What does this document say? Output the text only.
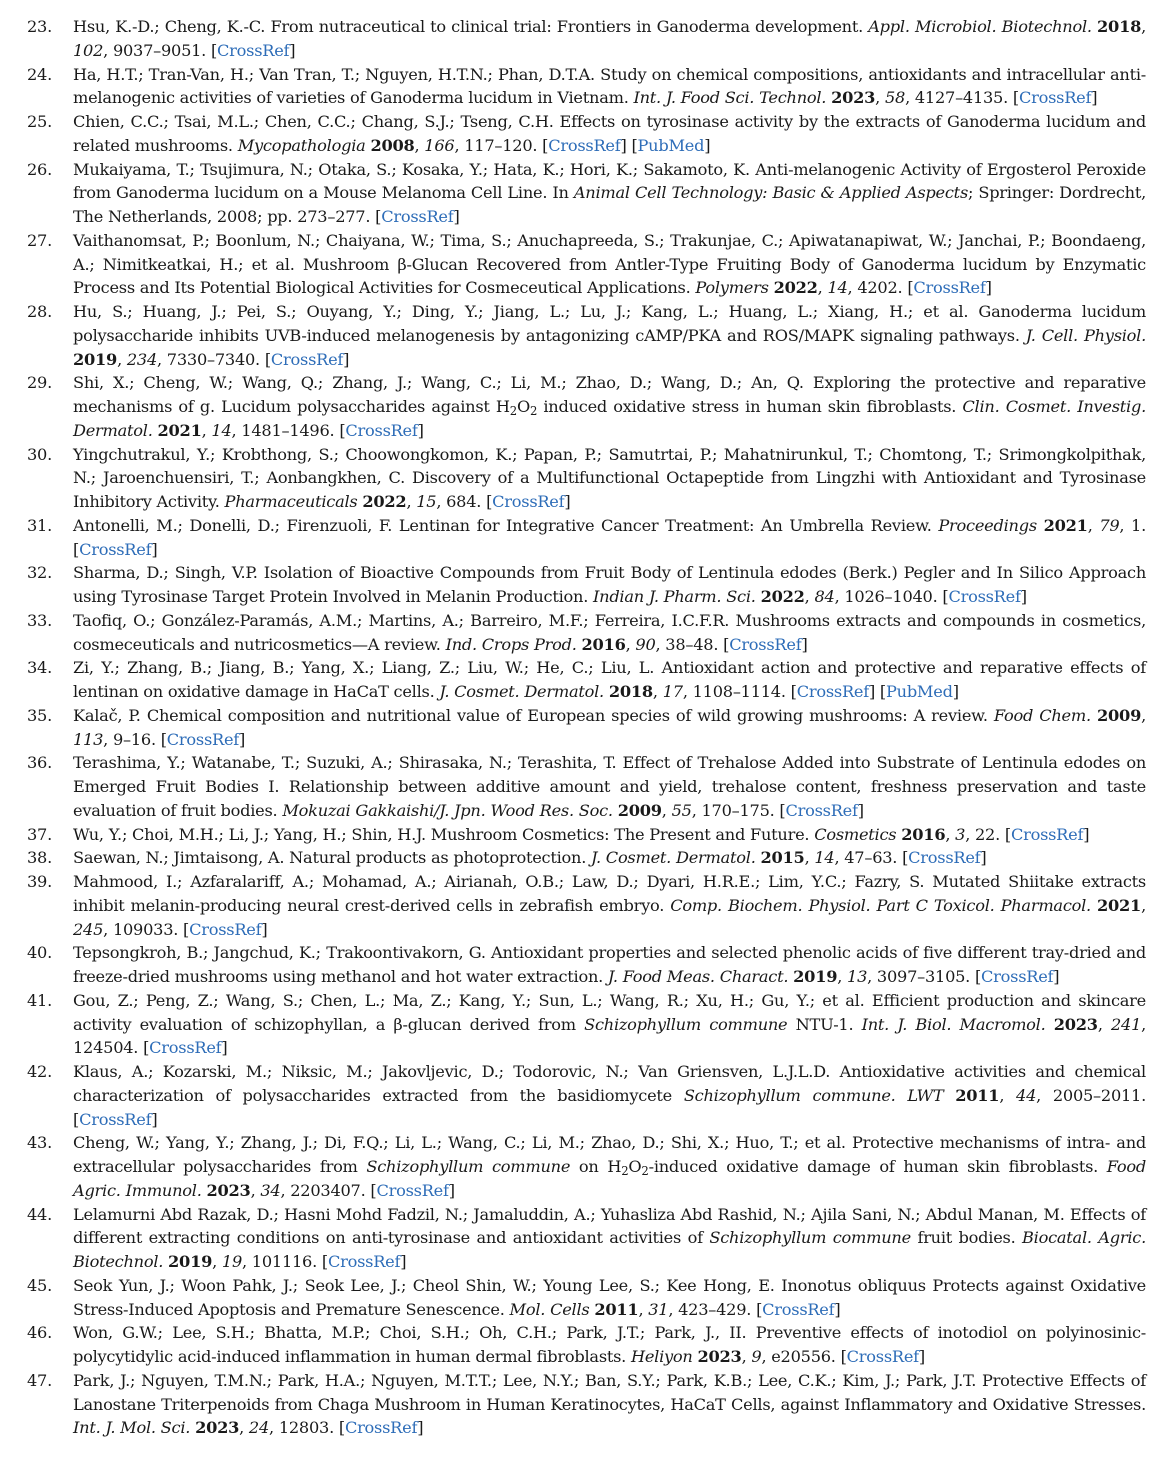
23. Hsu, K.-D.; Cheng, K.-C. From nutraceutical to clinical trial: Frontiers in Ganoderma development. Appl. Microbiol. Biotechnol. 2018, 102, 9037–9051. [CrossRef]
24. Ha, H.T.; Tran-Van, H.; Van Tran, T.; Nguyen, H.T.N.; Phan, D.T.A. Study on chemical compositions, antioxidants and intracellular anti-melanogenic activities of varieties of Ganoderma lucidum in Vietnam. Int. J. Food Sci. Technol. 2023, 58, 4127–4135. [CrossRef]
25. Chien, C.C.; Tsai, M.L.; Chen, C.C.; Chang, S.J.; Tseng, C.H. Effects on tyrosinase activity by the extracts of Ganoderma lucidum and related mushrooms. Mycopathologia 2008, 166, 117–120. [CrossRef] [PubMed]
26. Mukaiyama, T.; Tsujimura, N.; Otaka, S.; Kosaka, Y.; Hata, K.; Hori, K.; Sakamoto, K. Anti-melanogenic Activity of Ergosterol Peroxide from Ganoderma lucidum on a Mouse Melanoma Cell Line. In Animal Cell Technology: Basic & Applied Aspects; Springer: Dordrecht, The Netherlands, 2008; pp. 273–277. [CrossRef]
27. Vaithanomsat, P.; Boonlum, N.; Chaiyana, W.; Tima, S.; Anuchapreeda, S.; Trakunjae, C.; Apiwatanapiwat, W.; Janchai, P.; Boondaeng, A.; Nimitkeatkai, H.; et al. Mushroom β-Glucan Recovered from Antler-Type Fruiting Body of Ganoderma lucidum by Enzymatic Process and Its Potential Biological Activities for Cosmeceutical Applications. Polymers 2022, 14, 4202. [CrossRef]
28. Hu, S.; Huang, J.; Pei, S.; Ouyang, Y.; Ding, Y.; Jiang, L.; Lu, J.; Kang, L.; Huang, L.; Xiang, H.; et al. Ganoderma lucidum polysaccharide inhibits UVB-induced melanogenesis by antagonizing cAMP/PKA and ROS/MAPK signaling pathways. J. Cell. Physiol. 2019, 234, 7330–7340. [CrossRef]
29. Shi, X.; Cheng, W.; Wang, Q.; Zhang, J.; Wang, C.; Li, M.; Zhao, D.; Wang, D.; An, Q. Exploring the protective and reparative mechanisms of g. Lucidum polysaccharides against $H_2O_2$ induced oxidative stress in human skin fibroblasts. Clin. Cosmet. Investig. Dermatol. 2021, 14, 1481–1496. [CrossRef]
30. Yingchutrakul, Y.; Krobthong, S.; Choowongkomon, K.; Papan, P.; Samutrtai, P.; Mahatnirunkul, T.; Chomtong, T.; Srimongkolpithak, N.; Jaroenchuensiri, T.; Aonbangkhen, C. Discovery of a Multifunctional Octapeptide from Lingzhi with Antioxidant and Tyrosinase Inhibitory Activity. Pharmaceuticals 2022, 15, 684. [CrossRef]
31. Antonelli, M.; Donelli, D.; Firenzuoli, F. Lentinan for Integrative Cancer Treatment: An Umbrella Review. Proceedings 2021, 79, 1. [CrossRef]
32. Sharma, D.; Singh, V.P. Isolation of Bioactive Compounds from Fruit Body of Lentinula edodes (Berk.) Pegler and In Silico Approach using Tyrosinase Target Protein Involved in Melanin Production. Indian J. Pharm. Sci. 2022, 84, 1026–1040. [CrossRef]
33. Taofiq, O.; González-Paramás, A.M.; Martins, A.; Barreiro, M.F.; Ferreira, I.C.F.R. Mushrooms extracts and compounds in cosmetics, cosmeceuticals and nutricosmetics—A review. Ind. Crops Prod. 2016, 90, 38–48. [CrossRef]
34. Zi, Y.; Zhang, B.; Jiang, B.; Yang, X.; Liang, Z.; Liu, W.; He, C.; Liu, L. Antioxidant action and protective and reparative effects of lentinan on oxidative damage in HaCaT cells. J. Cosmet. Dermatol. 2018, 17, 1108–1114. [CrossRef] [PubMed]
35. Kalač, P. Chemical composition and nutritional value of European species of wild growing mushrooms: A review. Food Chem. 2009, 113, 9–16. [CrossRef]
36. Terashima, Y.; Watanabe, T.; Suzuki, A.; Shirasaka, N.; Terashita, T. Effect of Trehalose Added into Substrate of Lentinula edodes on Emerged Fruit Bodies I. Relationship between additive amount and yield, trehalose content, freshness preservation and taste evaluation of fruit bodies. Mokuzai Gakkaishi/J. Jpn. Wood Res. Soc. 2009, 55, 170–175. [CrossRef]
37. Wu, Y.; Choi, M.H.; Li, J.; Yang, H.; Shin, H.J. Mushroom Cosmetics: The Present and Future. Cosmetics 2016, 3, 22. [CrossRef]
38. Saewan, N.; Jimtaisong, A. Natural products as photoprotection. J. Cosmet. Dermatol. 2015, 14, 47–63. [CrossRef]
39. Mahmood, I.; Azfaralariff, A.; Mohamad, A.; Airianah, O.B.; Law, D.; Dyari, H.R.E.; Lim, Y.C.; Fazry, S. Mutated Shiitake extracts inhibit melanin-producing neural crest-derived cells in zebrafish embryo. Comp. Biochem. Physiol. Part C Toxicol. Pharmacol. 2021, 245, 109033. [CrossRef]
40. Tepsongkroh, B.; Jangchud, K.; Trakoontivakorn, G. Antioxidant properties and selected phenolic acids of five different tray-dried and freeze-dried mushrooms using methanol and hot water extraction. J. Food Meas. Charact. 2019, 13, 3097–3105. [CrossRef]
41. Gou, Z.; Peng, Z.; Wang, S.; Chen, L.; Ma, Z.; Kang, Y.; Sun, L.; Wang, R.; Xu, H.; Gu, Y.; et al. Efficient production and skincare activity evaluation of schizophyllan, a β-glucan derived from Schizophyllum commune NTU-1. Int. J. Biol. Macromol. 2023, 241, 124504. [CrossRef]
42. Klaus, A.; Kozarski, M.; Niksic, M.; Jakovljevic, D.; Todorovic, N.; Van Griensven, L.J.L.D. Antioxidative activities and chemical characterization of polysaccharides extracted from the basidiomycete Schizophyllum commune. LWT 2011, 44, 2005–2011. [CrossRef]
43. Cheng, W.; Yang, Y.; Zhang, J.; Di, F.Q.; Li, L.; Wang, C.; Li, M.; Zhao, D.; Shi, X.; Huo, T.; et al. Protective mechanisms of intra- and extracellular polysaccharides from Schizophyllum commune on $H_2O_2$-induced oxidative damage of human skin fibroblasts. Food Agric. Immunol. 2023, 34, 2203407. [CrossRef]
44. Lelamurni Abd Razak, D.; Hasni Mohd Fadzil, N.; Jamaluddin, A.; Yuhasliza Abd Rashid, N.; Ajila Sani, N.; Abdul Manan, M. Effects of different extracting conditions on anti-tyrosinase and antioxidant activities of Schizophyllum commune fruit bodies. Biocatal. Agric. Biotechnol. 2019, 19, 101116. [CrossRef]
45. Seok Yun, J.; Woon Pahk, J.; Seok Lee, J.; Cheol Shin, W.; Young Lee, S.; Kee Hong, E. Inonotus obliquus Protects against Oxidative Stress-Induced Apoptosis and Premature Senescence. Mol. Cells 2011, 31, 423–429. [CrossRef]
46. Won, G.W.; Lee, S.H.; Bhatta, M.P.; Choi, S.H.; Oh, C.H.; Park, J.T.; Park, J., II. Preventive effects of inotodiol on polyinosinic-polycytidylic acid-induced inflammation in human dermal fibroblasts. Heliyon 2023, 9, e20556. [CrossRef]
47. Park, J.; Nguyen, T.M.N.; Park, H.A.; Nguyen, M.T.T.; Lee, N.Y.; Ban, S.Y.; Park, K.B.; Lee, C.K.; Kim, J.; Park, J.T. Protective Effects of Lanostane Triterpenoids from Chaga Mushroom in Human Keratinocytes, HaCaT Cells, against Inflammatory and Oxidative Stresses. Int. J. Mol. Sci. 2023, 24, 12803. [CrossRef]
